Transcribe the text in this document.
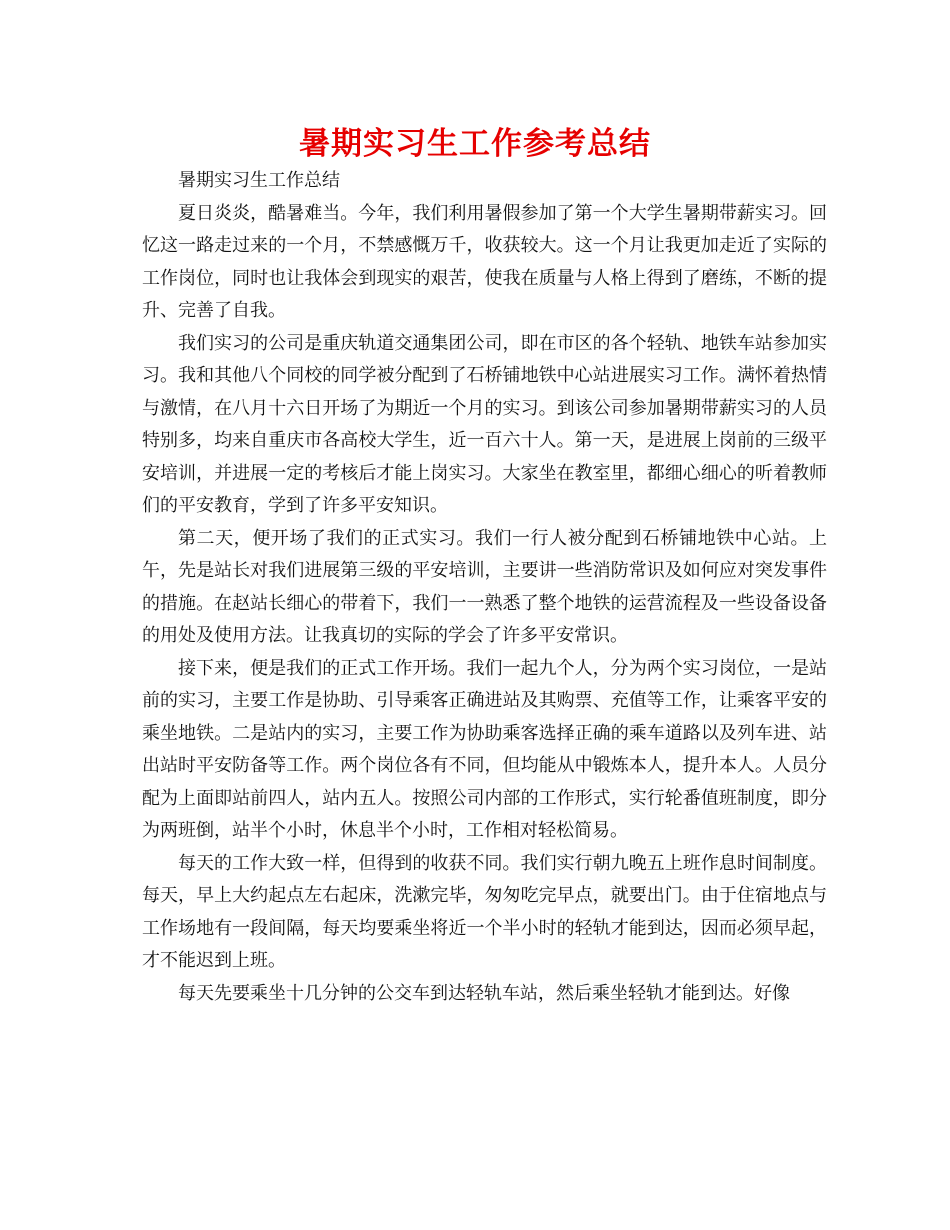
暑期实习生工作参考总结

暑期实习生工作总结

夏日炎炎，酷暑难当。今年，我们利用暑假参加了第一个大学生暑期带薪实习。回忆这一路走过来的一个月，不禁感慨万千，收获较大。这一个月让我更加走近了实际的工作岗位，同时也让我体会到现实的艰苦，使我在质量与人格上得到了磨练，不断的提升、完善了自我。

我们实习的公司是重庆轨道交通集团公司，即在市区的各个轻轨、地铁车站参加实习。我和其他八个同校的同学被分配到了石桥铺地铁中心站进展实习工作。满怀着热情与激情，在八月十六日开场了为期近一个月的实习。到该公司参加暑期带薪实习的人员特别多，均来自重庆市各高校大学生，近一百六十人。第一天，是进展上岗前的三级平安培训，并进展一定的考核后才能上岗实习。大家坐在教室里，都细心细心的听着教师们的平安教育，学到了许多平安知识。

第二天，便开场了我们的正式实习。我们一行人被分配到石桥铺地铁中心站。上午，先是站长对我们进展第三级的平安培训，主要讲一些消防常识及如何应对突发事件的措施。在赵站长细心的带着下，我们一一熟悉了整个地铁的运营流程及一些设备设备的用处及使用方法。让我真切的实际的学会了许多平安常识。

接下来，便是我们的正式工作开场。我们一起九个人，分为两个实习岗位，一是站前的实习，主要工作是协助、引导乘客正确进站及其购票、充值等工作，让乘客平安的乘坐地铁。二是站内的实习，主要工作为协助乘客选择正确的乘车道路以及列车进、站出站时平安防备等工作。两个岗位各有不同，但均能从中锻炼本人，提升本人。人员分配为上面即站前四人，站内五人。按照公司内部的工作形式，实行轮番值班制度，即分为两班倒，站半个小时，休息半个小时，工作相对轻松简易。

每天的工作大致一样，但得到的收获不同。我们实行朝九晚五上班作息时间制度。每天，早上大约起点左右起床，洗漱完毕，匆匆吃完早点，就要出门。由于住宿地点与工作场地有一段间隔，每天均要乘坐将近一个半小时的轻轨才能到达，因而必须早起，才不能迟到上班。

每天先要乘坐十几分钟的公交车到达轻轨车站，然后乘坐轻轨才能到达。好像
